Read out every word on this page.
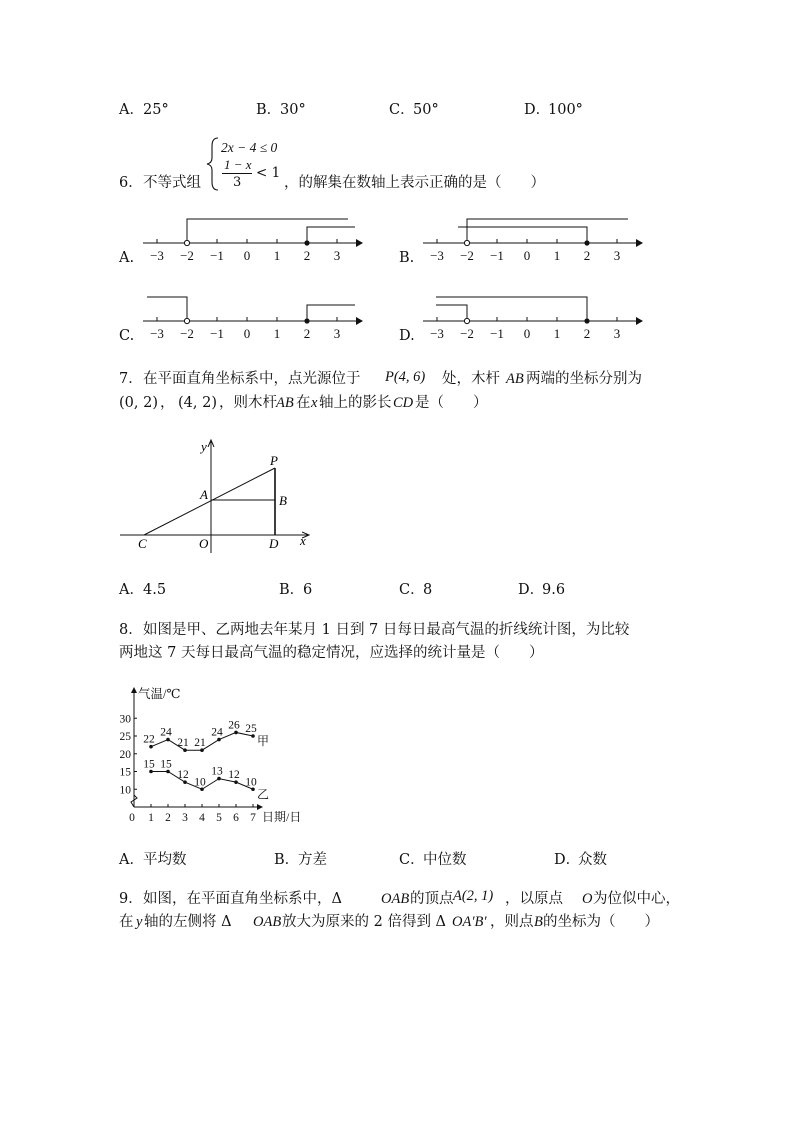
A． 25°	B．
30°	C．
50°	D．
100°
6． 不等式组
2x − 4 ≤ 0
1 − x
3
< 1
，的解集在数轴上表示正确的是（　　）
A.	B.
C.	D.
−3 −2 −1 0 1 2 3	−3 −2 −1 0 1 2 3
−3 −2 −1 0 1 2 3	−3 −2 −1 0 1 2 3
7． 在平面直角坐标系中，点光源位于 P(4, 6) 处，木杆 AB 两端的坐标分别为
(0, 2) ， (4, 2) ，则木杆 AB 在 x 轴上的影长 CD 是（　　）
y
P
A	B
C	O	D x
A． 4.5	B．
6	C．
8	D．
9.6
8． 如图是甲、乙两地去年某月 1 日到 7 日每日最高气温的折线统计图，为比较
两地这 7 天每日最高气温的稳定情况，应选择的统计量是（　　）
气温/℃
日期/日
10
15
20
25
30
0 1 2 3 4 5 6 7
22
24
21 21
24
26 25
甲
15 15
12
10
13 12
10
乙
A． 平均数	B．
方差	C．
中位数	D．
众数
9． 如图，在平面直角坐标系中，Δ	OAB 的顶点 A(2, 1) ，以原点 O 为位似中心，
在 y 轴的左侧将 Δ OAB 放大为原来的 2 倍得到 Δ OA′B′ ，则点 B 的坐标为（　　）
